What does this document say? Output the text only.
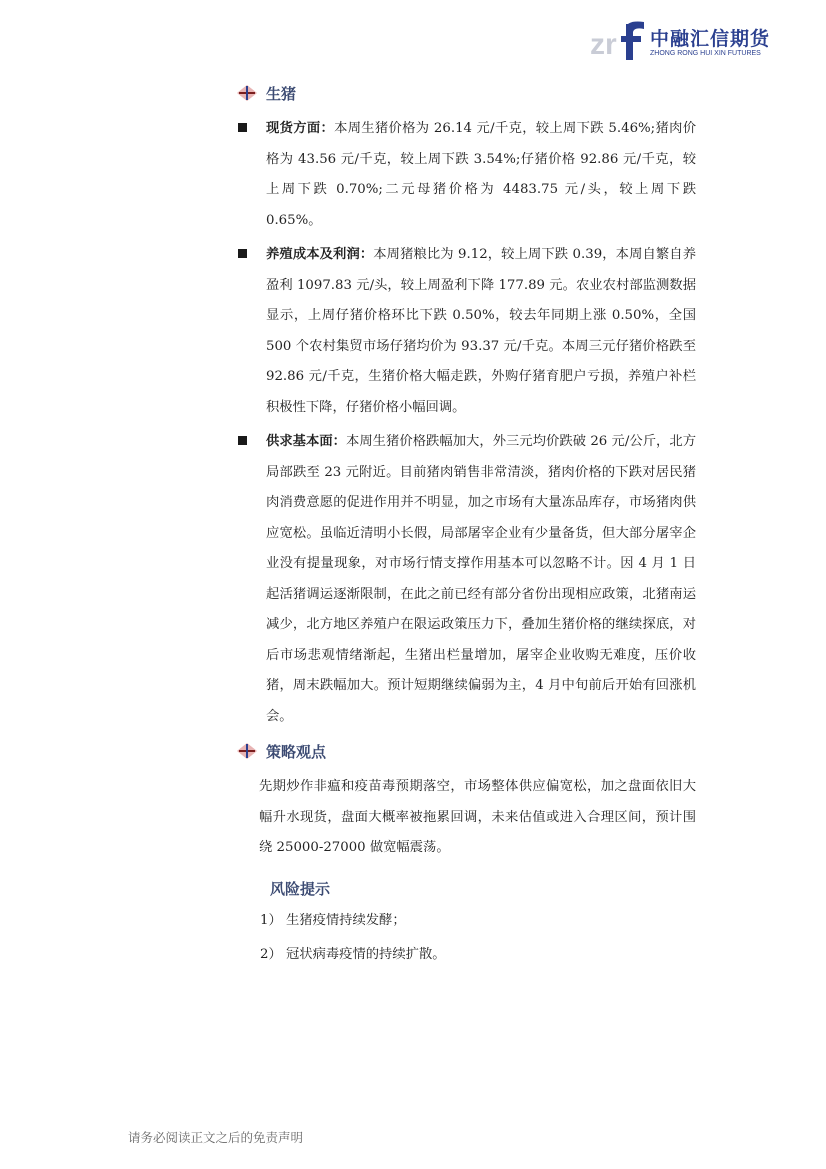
zr 中融汇信期货
ZHONG RONG HUI XIN FUTURES
生猪

现货方面：本周生猪价格为 26.14 元/千克，较上周下跌 5.46%;猪肉价格为 43.56 元/千克，较上周下跌 3.54%;仔猪价格 92.86 元/千克，较上周下跌 0.70%;二元母猪价格为 4483.75 元/头，较上周下跌 0.65%。

养殖成本及利润：本周猪粮比为 9.12，较上周下跌 0.39，本周自繁自养盈利 1097.83 元/头，较上周盈利下降 177.89 元。农业农村部监测数据显示，上周仔猪价格环比下跌 0.50%，较去年同期上涨 0.50%，全国 500 个农村集贸市场仔猪均价为 93.37 元/千克。本周三元仔猪价格跌至 92.86 元/千克，生猪价格大幅走跌，外购仔猪育肥户亏损，养殖户补栏积极性下降，仔猪价格小幅回调。

供求基本面：本周生猪价格跌幅加大，外三元均价跌破 26 元/公斤，北方局部跌至 23 元附近。目前猪肉销售非常清淡，猪肉价格的下跌对居民猪肉消费意愿的促进作用并不明显，加之市场有大量冻品库存，市场猪肉供应宽松。虽临近清明小长假，局部屠宰企业有少量备货，但大部分屠宰企业没有提量现象，对市场行情支撑作用基本可以忽略不计。因 4 月 1 日起活猪调运逐渐限制，在此之前已经有部分省份出现相应政策，北猪南运减少，北方地区养殖户在限运政策压力下，叠加生猪价格的继续探底，对后市场悲观情绪渐起，生猪出栏量增加，屠宰企业收购无难度，压价收猪，周末跌幅加大。预计短期继续偏弱为主，4 月中旬前后开始有回涨机会。

策略观点

先期炒作非瘟和疫苗毒预期落空，市场整体供应偏宽松，加之盘面依旧大幅升水现货，盘面大概率被拖累回调，未来估值或进入合理区间，预计围绕 25000-27000 做宽幅震荡。

风险提示
1） 生猪疫情持续发酵；
2） 冠状病毒疫情的持续扩散。
请务必阅读正文之后的免责声明
